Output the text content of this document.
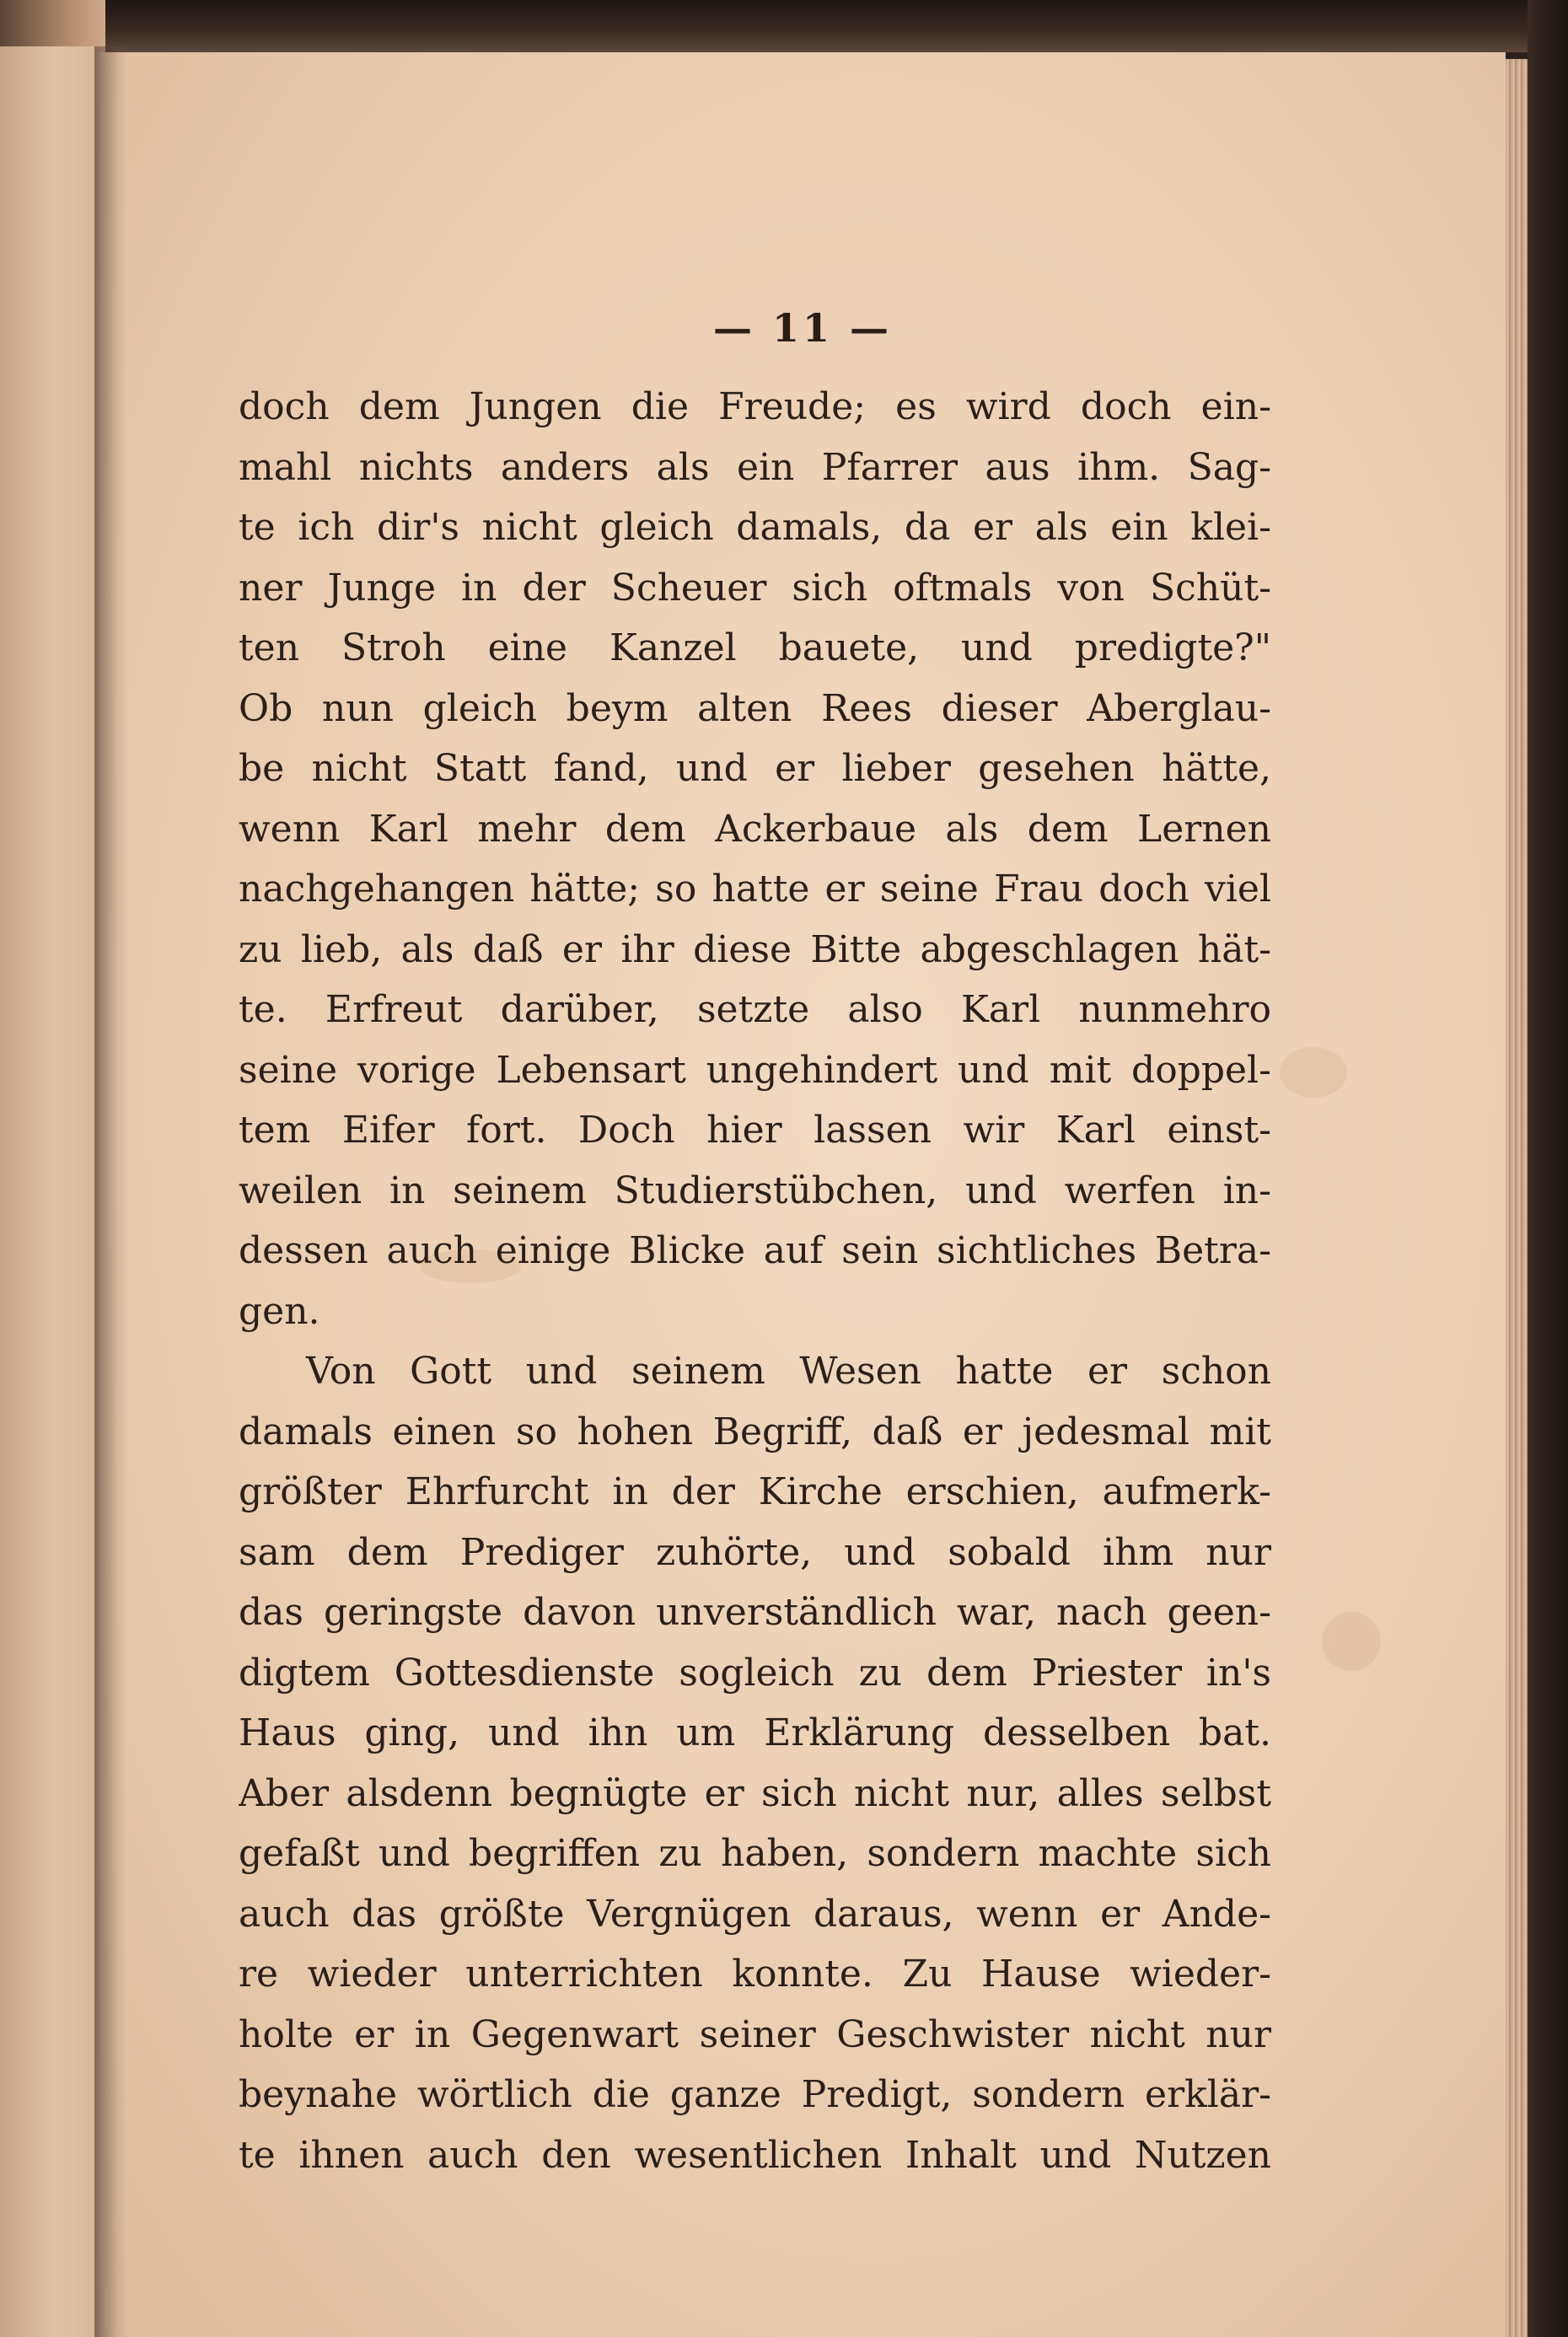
— 11 —
doch dem Jungen die Freude; es wird doch ein-
mahl nichts anders als ein Pfarrer aus ihm. Sag-
te ich dir's nicht gleich damals, da er als ein klei-
ner Junge in der Scheuer sich oftmals von Schüt-
ten Stroh eine Kanzel bauete, und predigte?"
Ob nun gleich beym alten Rees dieser Aberglau-
be nicht Statt fand, und er lieber gesehen hätte,
wenn Karl mehr dem Ackerbaue als dem Lernen
nachgehangen hätte; so hatte er seine Frau doch viel
zu lieb, als daß er ihr diese Bitte abgeschlagen hät-
te. Erfreut darüber, setzte also Karl nunmehro
seine vorige Lebensart ungehindert und mit doppel-
tem Eifer fort. Doch hier lassen wir Karl einst-
weilen in seinem Studierstübchen, und werfen in-
dessen auch einige Blicke auf sein sichtliches Betra-
gen.
Von Gott und seinem Wesen hatte er schon
damals einen so hohen Begriff, daß er jedesmal mit
größter Ehrfurcht in der Kirche erschien, aufmerk-
sam dem Prediger zuhörte, und sobald ihm nur
das geringste davon unverständlich war, nach geen-
digtem Gottesdienste sogleich zu dem Priester in's
Haus ging, und ihn um Erklärung desselben bat.
Aber alsdenn begnügte er sich nicht nur, alles selbst
gefaßt und begriffen zu haben, sondern machte sich
auch das größte Vergnügen daraus, wenn er Ande-
re wieder unterrichten konnte. Zu Hause wieder-
holte er in Gegenwart seiner Geschwister nicht nur
beynahe wörtlich die ganze Predigt, sondern erklär-
te ihnen auch den wesentlichen Inhalt und Nutzen
